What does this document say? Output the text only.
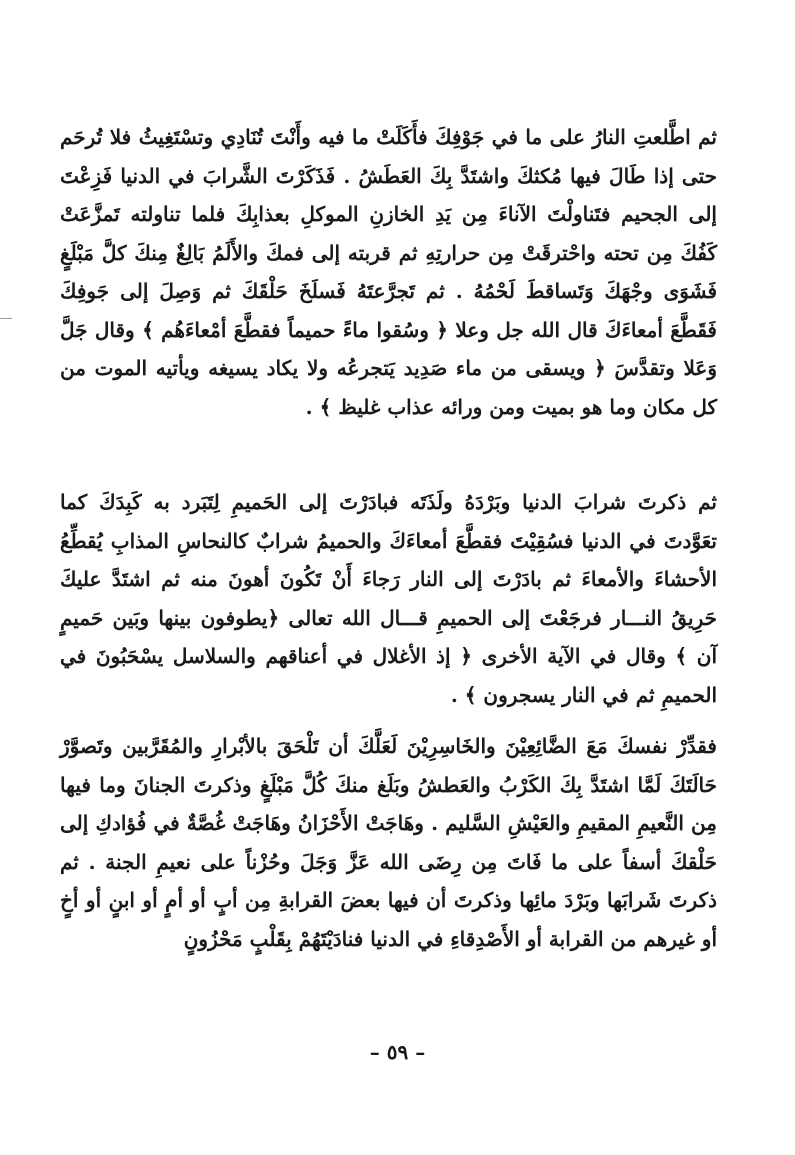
ثم اطَّلعتِ النارُ على ما في جَوْفِكَ فأَكَلَتْ ما فيه وأَنْتَ تُنَادِي وتسْتَغِيثُ فلا تُرحَم حتى إذا طَالَ فيها مُكثكَ واشتَدَّ بِكَ العَطَشُ . فَذَكَرْتَ الشَّرابَ في الدنيا فَزِعْتَ إلى الجحيم فتَناولْتَ الآناءَ مِن يَدِ الخازنِ الموكلِ بعذابِكَ فلما تناولته تَمزَّعَتْ كَفُكَ مِن تحته واحْترقَتْ مِن حرارتِهِ ثم قربته إلى فمكَ والأَلَمُ بَالِغٌ مِنكَ كلَّ مَبْلَغٍ فَشَوَى وجْهَكَ وَتَساقطَ لَحْمُهُ . ثم تَجرَّعتَهُ فَسلَخَ حَلْقَكَ ثم وَصِلَ إلى جَوفِكَ فَقَطَّعَ أمعاءَكَ قال الله جل وعلا ﴿ وسُقوا ماءً حميماً فقطَّعَ أمْعاءَهُم ﴾ وقال جَلَّ وَعَلا وتقدَّسَ ﴿ ويسقى من ماء صَدِيد يَتجرعُه ولا يكاد يسيغه ويأتيه الموت من كل مكان وما هو بميت ومن ورائه عذاب غليظ ﴾ .

ثم ذكرتَ شرابَ الدنيا وبَرْدَهُ ولَذَتَه فبادَرْتَ إلى الحَميمِ لِتَبَرد به كَبِدَكَ كما تعَوَّدتَ في الدنيا فسُقِيْتَ فقطَّعَ أمعاءَكَ والحميمُ شرابٌ كالنحاسِ المذابِ يُقطِّعُ الأحشاءَ والأمعاءَ ثم بادَرْتَ إلى النار رَجاءَ أَنْ تَكُونَ أهونَ منه ثم اشتَدَّ عليكَ حَرِيقُ النـــار فرجَعْتَ إلى الحميمِ قـــال الله تعالى ﴿يطوفون بينها وبَين حَميمٍ آن ﴾ وقال في الآية الأخرى ﴿ إذ الأغلال في أعناقهم والسلاسل يسْحَبُونَ في الحميمِ ثم في النار يسجرون ﴾ .

فقدِّرْ نفسكَ مَعَ الضَّائِعِيْنَ والخَاسِرِيْنَ لَعَلَّكَ أن تَلْحَقَ بالأبْرارِ والمُقَرَّبين وتَصوَّرْ حَالَتَكَ لَمَّا اشتَدَّ بِكَ الكَرْبُ والعَطشُ وبَلَغ منكَ كُلَّ مَبْلَغٍ وذكرتَ الجنانَ وما فيها مِن النَّعيمِ المقيمِ والعَيْشِ السَّليم . وهَاجَتْ الأَحْزَانُ وهَاجَتْ غُصَّةٌ في فُؤادكِ إلى حَلْقكَ أسفاً على ما فَاتَ مِن رِضَى الله عَزَّ وَجَلَ وحُزْناً على نعيمِ الجنة . ثم ذكرتَ شَرابَها وبَرْدَ مائِها وذكرتَ أن فيها بعضَ القرابةِ مِن أبٍ أو أمٍ أو ابنٍ أو أخٍ أو غيرهم من القرابة أو الأَصْدِقاءِ في الدنيا فنادَيْتَهُمْ بِقَلْبٍ مَحْزُونٍ

– ٥٩ –
